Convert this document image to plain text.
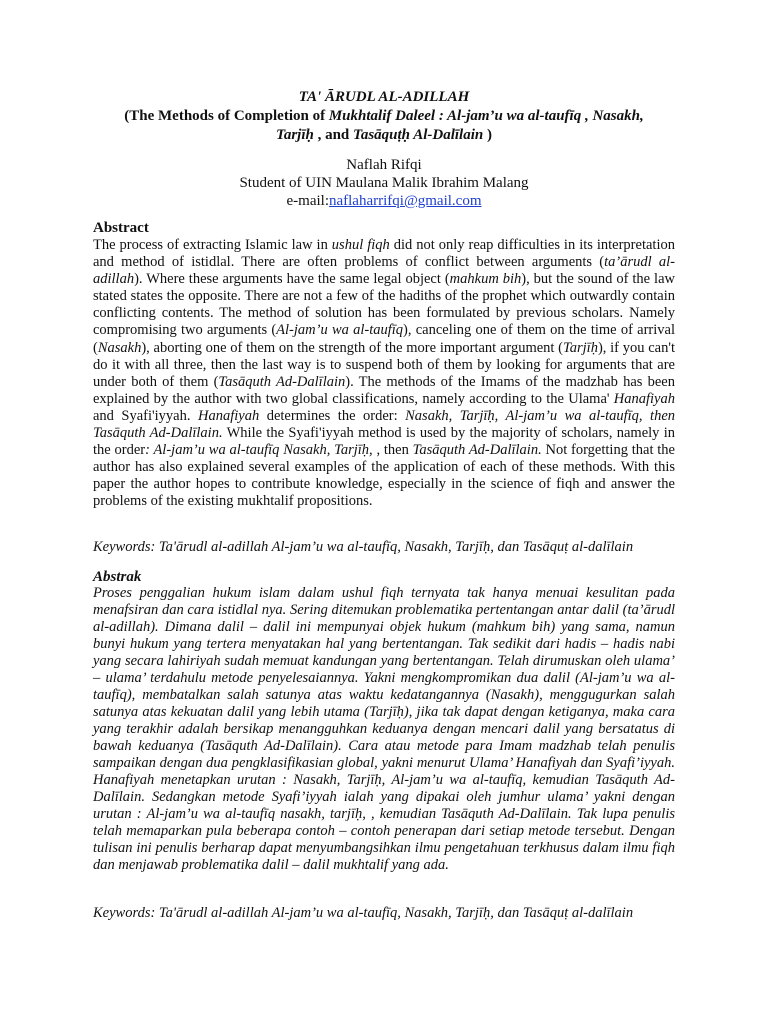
TA' ĀRUDL AL-ADILLAH
(The Methods of Completion of Mukhtalif Daleel : Al-jam’u wa al-taufīq , Nasakh,
Tarjīḥ , and Tasāquṭḥ Al-Dalīlain )
Naflah Rifqi
Student of UIN Maulana Malik Ibrahim Malang
e-mail:naflaharrifqi@gmail.com
Abstract
The process of extracting Islamic law in ushul fiqh did not only reap difficulties in its interpretation and method of istidlal. There are often problems of conflict between arguments (ta’ārudl al-adillah). Where these arguments have the same legal object (mahkum bih), but the sound of the law stated states the opposite. There are not a few of the hadiths of the prophet which outwardly contain conflicting contents. The method of solution has been formulated by previous scholars. Namely compromising two arguments (Al-jam’u wa al-taufīq), canceling one of them on the time of arrival (Nasakh), aborting one of them on the strength of the more important argument (Tarjīḥ), if you can't do it with all three, then the last way is to suspend both of them by looking for arguments that are under both of them (Tasāquth Ad-Dalīlain). The methods of the Imams of the madzhab has been explained by the author with two global classifications, namely according to the Ulama' Hanafiyah and Syafi'iyyah. Hanafiyah determines the order: Nasakh, Tarjīḥ, Al-jam’u wa al-taufīq, then Tasāquth Ad-Dalīlain. While the Syafi'iyyah method is used by the majority of scholars, namely in the order: Al-jam’u wa al-taufīq Nasakh, Tarjīḥ, , then Tasāquth Ad-Dalīlain. Not forgetting that the author has also explained several examples of the application of each of these methods. With this paper the author hopes to contribute knowledge, especially in the science of fiqh and answer the problems of the existing mukhtalif propositions.
Keywords: Ta'ārudl al-adillah Al-jam’u wa al-taufīq, Nasakh, Tarjīḥ, dan Tasāquṭ al-dalīlain
Abstrak
Proses penggalian hukum islam dalam ushul fiqh ternyata tak hanya menuai kesulitan pada menafsiran dan cara istidlal nya. Sering ditemukan problematika pertentangan antar dalil (ta’ārudl al-adillah). Dimana dalil – dalil ini mempunyai objek hukum (mahkum bih) yang sama, namun bunyi hukum yang tertera menyatakan hal yang bertentangan. Tak sedikit dari hadis – hadis nabi yang secara lahiriyah sudah memuat kandungan yang bertentangan. Telah dirumuskan oleh ulama’ – ulama’ terdahulu metode penyelesaiannya. Yakni mengkompromikan dua dalil (Al-jam’u wa al-taufīq), membatalkan salah satunya atas waktu kedatangannya (Nasakh), menggugurkan salah satunya atas kekuatan dalil yang lebih utama (Tarjīḥ), jika tak dapat dengan ketiganya, maka cara yang terakhir adalah bersikap menangguhkan keduanya dengan mencari dalil yang bersatatus di bawah keduanya (Tasāquth Ad-Dalīlain). Cara atau metode para Imam madzhab telah penulis sampaikan dengan dua pengklasifikasian global, yakni menurut Ulama’ Hanafiyah dan Syafi’iyyah. Hanafiyah menetapkan urutan : Nasakh, Tarjīḥ, Al-jam’u wa al-taufīq, kemudian Tasāquth Ad-Dalīlain. Sedangkan metode Syafi’iyyah ialah yang dipakai oleh jumhur ulama’ yakni dengan urutan : Al-jam’u wa al-taufīq nasakh, tarjīḥ, , kemudian Tasāquth Ad-Dalīlain. Tak lupa penulis telah memaparkan pula beberapa contoh – contoh penerapan dari setiap metode tersebut. Dengan tulisan ini penulis berharap dapat menyumbangsihkan ilmu pengetahuan terkhusus dalam ilmu fiqh dan menjawab problematika dalil – dalil mukhtalif yang ada.
Keywords: Ta'ārudl al-adillah Al-jam’u wa al-taufīq, Nasakh, Tarjīḥ, dan Tasāquṭ al-dalīlain
